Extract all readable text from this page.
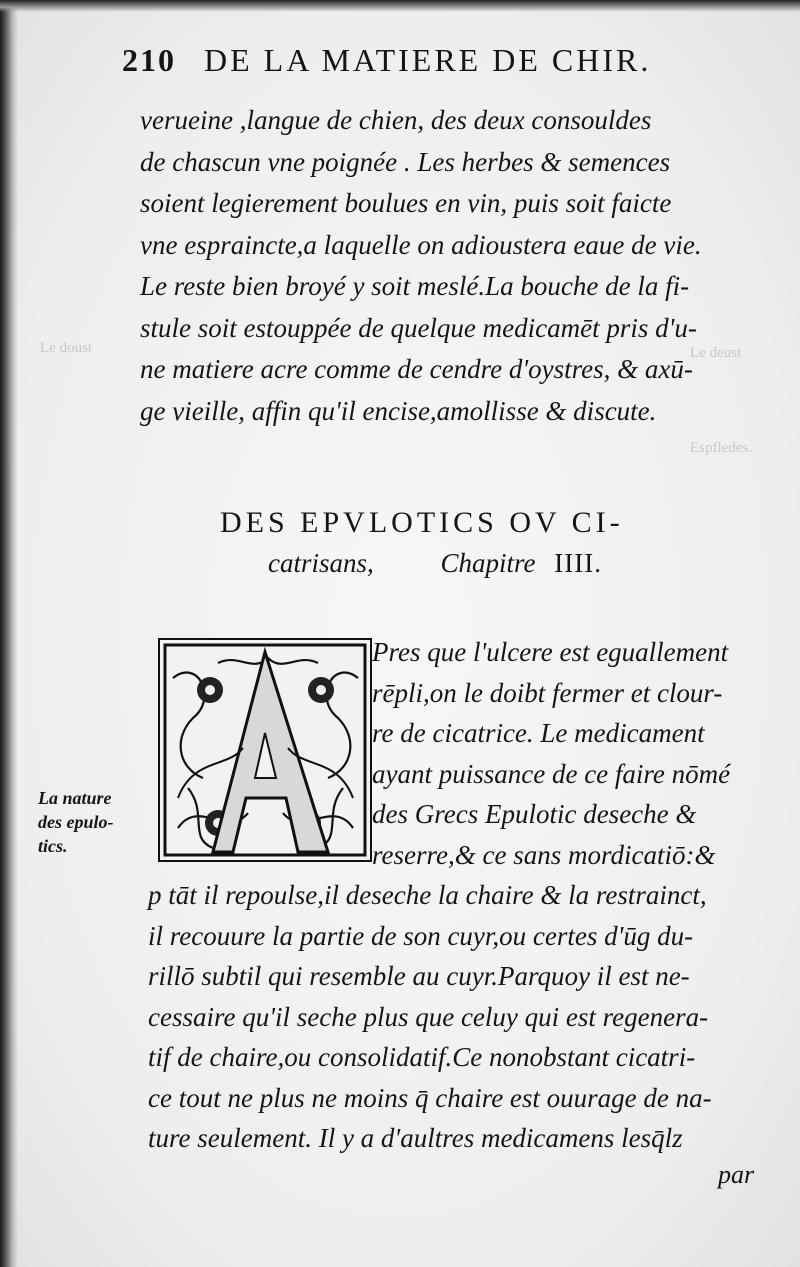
Le doust	Le deust
Espfledes.
210 DE LA MATIERE DE CHIR.
verueine ,langue de chien, des deux consouldes
de chascun vne poignée . Les herbes & semences
soient legierement boulues en vin, puis soit faicte
vne espraincte,a laquelle on adioustera eaue de vie.
Le reste bien broyé y soit meslé.La bouche de la fi-
stule soit estouppée de quelque medicamēt pris d'u-
ne matiere acre comme de cendre d'oystres, & axū-
ge vieille, affin qu'il encise,amollisse & discute.
DES EPVLOTICS OV CI-
catrisans, Chapitre IIII.
Pres que l'ulcere est eguallement
rēpli,on le doibt fermer et clour-
re de cicatrice. Le medicament
ayant puissance de ce faire nōmé
des Grecs Epulotic deseche &
reserre,& ce sans mordicatiō:&
p tāt il repoulse,il deseche la chaire & la restrainct,
il recouure la partie de son cuyr,ou certes d'ūg du-
rillō subtil qui resemble au cuyr.Parquoy il est ne-
cessaire qu'il seche plus que celuy qui est regenera-
tif de chaire,ou consolidatif.Ce nonobstant cicatri-
ce tout ne plus ne moins q̄ chaire est ouurage de na-
ture seulement. Il y a d'aultres medicamens lesq̄lz
par
La nature
des epulo-
tics.
